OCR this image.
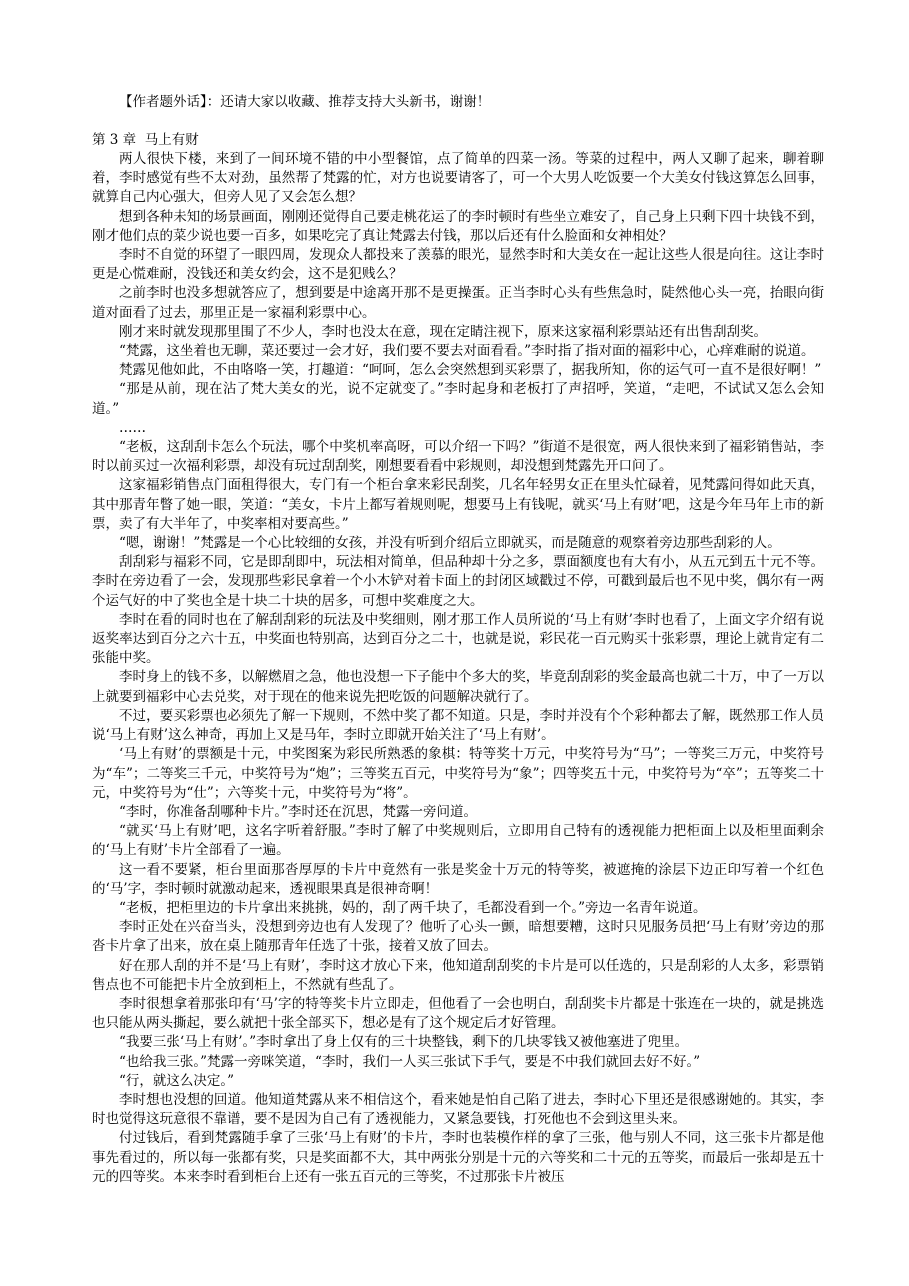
【作者题外话】：还请大家以收藏、推荐支持大头新书，谢谢！

第 3 章  马上有财

两人很快下楼，来到了一间环境不错的中小型餐馆，点了简单的四菜一汤。等菜的过程中，两人又聊了起来，聊着聊着，李时感觉有些不太对劲，虽然帮了梵露的忙，对方也说要请客了，可一个大男人吃饭要一个大美女付钱这算怎么回事，就算自己内心强大，但旁人见了又会怎么想？

想到各种未知的场景画面，刚刚还觉得自己要走桃花运了的李时顿时有些坐立难安了，自己身上只剩下四十块钱不到，刚才他们点的菜少说也要一百多，如果吃完了真让梵露去付钱，那以后还有什么脸面和女神相处？

李时不自觉的环望了一眼四周，发现众人都投来了羡慕的眼光，显然李时和大美女在一起让这些人很是向往。这让李时更是心慌难耐，没钱还和美女约会，这不是犯贱么？

之前李时也没多想就答应了，想到要是中途离开那不是更操蛋。正当李时心头有些焦急时，陡然他心头一亮，抬眼向街道对面看了过去，那里正是一家福利彩票中心。

刚才来时就发现那里围了不少人，李时也没太在意，现在定睛注视下，原来这家福利彩票站还有出售刮刮奖。

“梵露，这坐着也无聊，菜还要过一会才好，我们要不要去对面看看。”李时指了指对面的福彩中心，心痒难耐的说道。

梵露见他如此，不由咯咯一笑，打趣道：“呵呵，怎么会突然想到买彩票了，据我所知，你的运气可一直不是很好啊！”

“那是从前，现在沾了梵大美女的光，说不定就变了。”李时起身和老板打了声招呼，笑道，“走吧，不试试又怎么会知道。”

……

“老板，这刮刮卡怎么个玩法，哪个中奖机率高呀，可以介绍一下吗？”街道不是很宽，两人很快来到了福彩销售站，李时以前买过一次福利彩票，却没有玩过刮刮奖，刚想要看看中彩规则，却没想到梵露先开口问了。

这家福彩销售点门面租得很大，专门有一个柜台拿来彩民刮奖，几名年轻男女正在里头忙碌着，见梵露问得如此天真，其中那青年瞥了她一眼，笑道：“美女，卡片上都写着规则呢，想要马上有钱呢，就买‘马上有财’吧，这是今年马年上市的新票，卖了有大半年了，中奖率相对要高些。”

“嗯，谢谢！”梵露是一个心比较细的女孩，并没有听到介绍后立即就买，而是随意的观察着旁边那些刮彩的人。

刮刮彩与福彩不同，它是即刮即中，玩法相对简单，但品种却十分之多，票面额度也有大有小，从五元到五十元不等。李时在旁边看了一会，发现那些彩民拿着一个小木铲对着卡面上的封闭区域戳过不停，可戳到最后也不见中奖，偶尔有一两个运气好的中了奖也全是十块二十块的居多，可想中奖难度之大。

李时在看的同时也在了解刮刮彩的玩法及中奖细则，刚才那工作人员所说的‘马上有财’李时也看了，上面文字介绍有说返奖率达到百分之六十五，中奖面也特别高，达到百分之二十，也就是说，彩民花一百元购买十张彩票，理论上就肯定有二张能中奖。

李时身上的钱不多，以解燃眉之急，他也没想一下子能中个多大的奖，毕竟刮刮彩的奖金最高也就二十万，中了一万以上就要到福彩中心去兑奖，对于现在的他来说先把吃饭的问题解决就行了。

不过，要买彩票也必须先了解一下规则，不然中奖了都不知道。只是，李时并没有个个彩种都去了解，既然那工作人员说‘马上有财’这么神奇，再加上又是马年，李时立即就开始关注了‘马上有财’。

‘马上有财’的票额是十元，中奖图案为彩民所熟悉的象棋：特等奖十万元，中奖符号为“马”；一等奖三万元，中奖符号为“车”；二等奖三千元，中奖符号为“炮”；三等奖五百元，中奖符号为“象”；四等奖五十元，中奖符号为“卒”；五等奖二十元，中奖符号为“仕”；六等奖十元，中奖符号为“将”。

“李时，你准备刮哪种卡片。”李时还在沉思，梵露一旁问道。

“就买‘马上有财’吧，这名字听着舒服。”李时了解了中奖规则后，立即用自己特有的透视能力把柜面上以及柜里面剩余的‘马上有财’卡片全部看了一遍。

这一看不要紧，柜台里面那沓厚厚的卡片中竟然有一张是奖金十万元的特等奖，被遮掩的涂层下边正印写着一个红色的‘马’字，李时顿时就激动起来，透视眼果真是很神奇啊！

“老板，把柜里边的卡片拿出来挑挑，妈的，刮了两千块了，毛都没看到一个。”旁边一名青年说道。

李时正处在兴奋当头，没想到旁边也有人发现了？他听了心头一颤，暗想要糟，这时只见服务员把‘马上有财’旁边的那沓卡片拿了出来，放在桌上随那青年任选了十张，接着又放了回去。

好在那人刮的并不是‘马上有财’，李时这才放心下来，他知道刮刮奖的卡片是可以任选的，只是刮彩的人太多，彩票销售点也不可能把卡片全放到柜上，不然就有些乱了。

李时很想拿着那张印有‘马’字的特等奖卡片立即走，但他看了一会也明白，刮刮奖卡片都是十张连在一块的，就是挑选也只能从两头撕起，要么就把十张全部买下，想必是有了这个规定后才好管理。

“我要三张‘马上有财’。”李时拿出了身上仅有的三十块整钱，剩下的几块零钱又被他塞进了兜里。

“也给我三张。”梵露一旁咪笑道，“李时，我们一人买三张试下手气，要是不中我们就回去好不好。”

“行，就这么决定。”

李时想也没想的回道。他知道梵露从来不相信这个，看来她是怕自己陷了进去，李时心下里还是很感谢她的。其实，李时也觉得这玩意很不靠谱，要不是因为自己有了透视能力，又紧急要钱，打死他也不会到这里头来。

付过钱后，看到梵露随手拿了三张‘马上有财’的卡片，李时也装模作样的拿了三张，他与别人不同，这三张卡片都是他事先看过的，所以每一张都有奖，只是奖面都不大，其中两张分别是十元的六等奖和二十元的五等奖，而最后一张却是五十元的四等奖。本来李时看到柜台上还有一张五百元的三等奖，不过那张卡片被压
